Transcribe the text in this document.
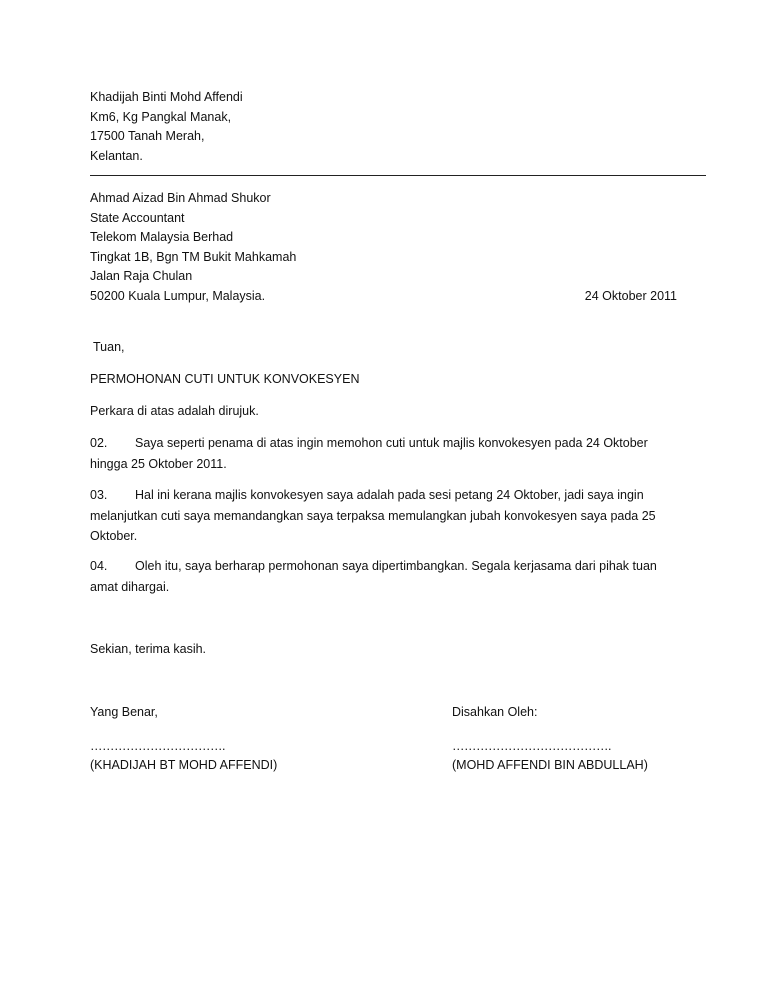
Khadijah Binti Mohd Affendi
Km6, Kg Pangkal Manak,
17500 Tanah Merah,
Kelantan.
Ahmad Aizad Bin Ahmad Shukor
State Accountant
Telekom Malaysia Berhad
Tingkat 1B, Bgn TM Bukit Mahkamah
Jalan Raja Chulan
50200 Kuala Lumpur, Malaysia.	24 Oktober 2011
Tuan,
PERMOHONAN CUTI UNTUK KONVOKESYEN
Perkara di atas adalah dirujuk.
02. Saya seperti penama di atas ingin memohon cuti untuk majlis konvokesyen pada 24 Oktober hingga 25 Oktober 2011.
03. Hal ini kerana majlis konvokesyen saya adalah pada sesi petang 24 Oktober, jadi saya ingin melanjutkan cuti saya memandangkan saya terpaksa memulangkan jubah konvokesyen saya pada 25 Oktober.
04. Oleh itu, saya berharap permohonan saya dipertimbangkan. Segala kerjasama dari pihak tuan amat dihargai.
Sekian, terima kasih.
Yang Benar,
…………………………….
(KHADIJAH BT MOHD AFFENDI)
Disahkan Oleh:
………………………………….
(MOHD AFFENDI BIN ABDULLAH)
